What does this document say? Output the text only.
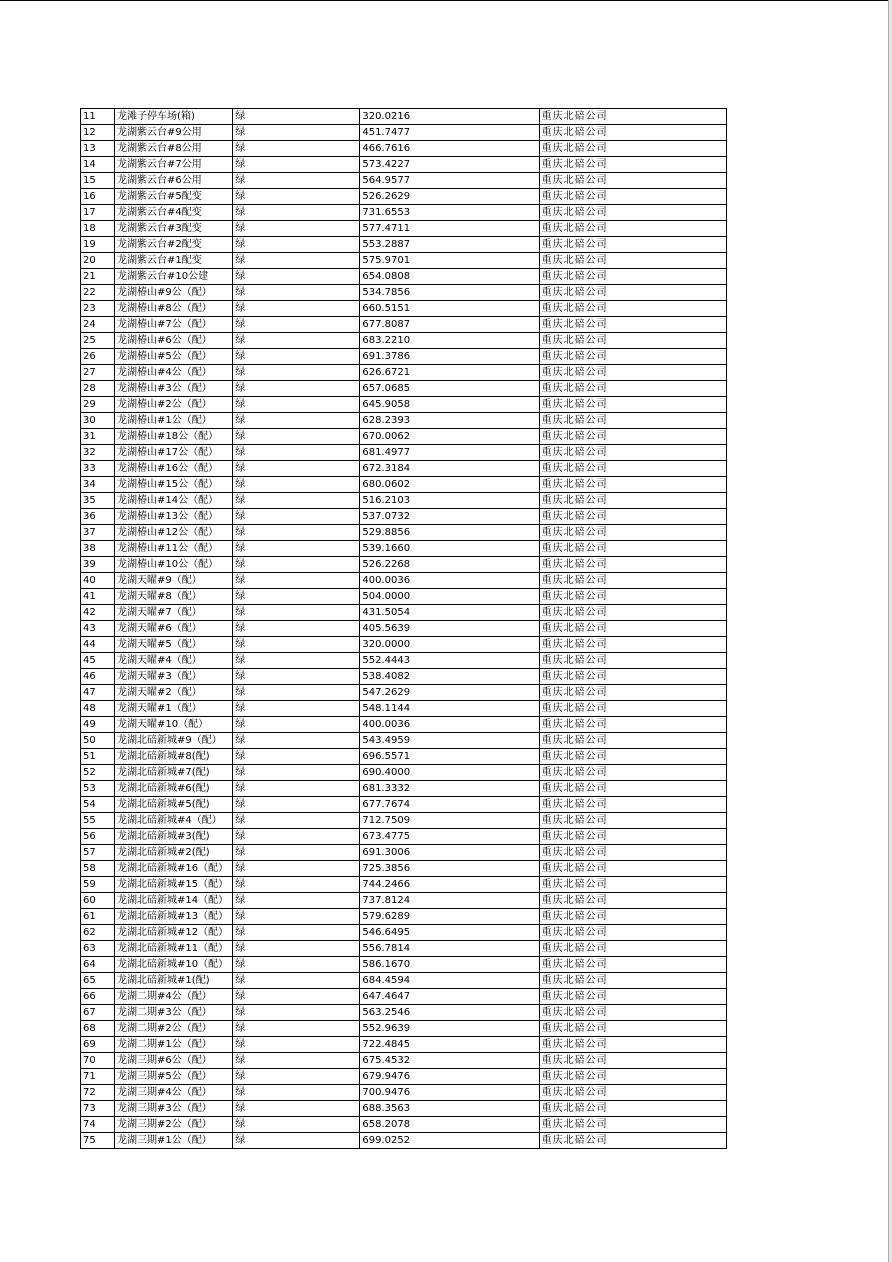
11	龙滩子停车场(箱)	绿	320.0216	重庆北碚公司
12	龙湖紫云台#9公用	绿	451.7477	重庆北碚公司
13	龙湖紫云台#8公用	绿	466.7616	重庆北碚公司
14	龙湖紫云台#7公用	绿	573.4227	重庆北碚公司
15	龙湖紫云台#6公用	绿	564.9577	重庆北碚公司
16	龙湖紫云台#5配变	绿	526.2629	重庆北碚公司
17	龙湖紫云台#4配变	绿	731.6553	重庆北碚公司
18	龙湖紫云台#3配变	绿	577.4711	重庆北碚公司
19	龙湖紫云台#2配变	绿	553.2887	重庆北碚公司
20	龙湖紫云台#1配变	绿	575.9701	重庆北碚公司
21	龙湖紫云台#10公建	绿	654.0808	重庆北碚公司
22	龙湖椿山#9公（配）	绿	534.7856	重庆北碚公司
23	龙湖椿山#8公（配）	绿	660.5151	重庆北碚公司
24	龙湖椿山#7公（配）	绿	677.8087	重庆北碚公司
25	龙湖椿山#6公（配）	绿	683.2210	重庆北碚公司
26	龙湖椿山#5公（配）	绿	691.3786	重庆北碚公司
27	龙湖椿山#4公（配）	绿	626.6721	重庆北碚公司
28	龙湖椿山#3公（配）	绿	657.0685	重庆北碚公司
29	龙湖椿山#2公（配）	绿	645.9058	重庆北碚公司
30	龙湖椿山#1公（配）	绿	628.2393	重庆北碚公司
31	龙湖椿山#18公（配）	绿	670.0062	重庆北碚公司
32	龙湖椿山#17公（配）	绿	681.4977	重庆北碚公司
33	龙湖椿山#16公（配）	绿	672.3184	重庆北碚公司
34	龙湖椿山#15公（配）	绿	680.0602	重庆北碚公司
35	龙湖椿山#14公（配）	绿	516.2103	重庆北碚公司
36	龙湖椿山#13公（配）	绿	537.0732	重庆北碚公司
37	龙湖椿山#12公（配）	绿	529.8856	重庆北碚公司
38	龙湖椿山#11公（配）	绿	539.1660	重庆北碚公司
39	龙湖椿山#10公（配）	绿	526.2268	重庆北碚公司
40	龙湖天曜#9（配）	绿	400.0036	重庆北碚公司
41	龙湖天曜#8（配）	绿	504.0000	重庆北碚公司
42	龙湖天曜#7（配）	绿	431.5054	重庆北碚公司
43	龙湖天曜#6（配）	绿	405.5639	重庆北碚公司
44	龙湖天曜#5（配）	绿	320.0000	重庆北碚公司
45	龙湖天曜#4（配）	绿	552.4443	重庆北碚公司
46	龙湖天曜#3（配）	绿	538.4082	重庆北碚公司
47	龙湖天曜#2（配）	绿	547.2629	重庆北碚公司
48	龙湖天曜#1（配）	绿	548.1144	重庆北碚公司
49	龙湖天曜#10（配）	绿	400.0036	重庆北碚公司
50	龙湖北碚新城#9（配）	绿	543.4959	重庆北碚公司
51	龙湖北碚新城#8(配)	绿	696.5571	重庆北碚公司
52	龙湖北碚新城#7(配)	绿	690.4000	重庆北碚公司
53	龙湖北碚新城#6(配)	绿	681.3332	重庆北碚公司
54	龙湖北碚新城#5(配)	绿	677.7674	重庆北碚公司
55	龙湖北碚新城#4（配）	绿	712.7509	重庆北碚公司
56	龙湖北碚新城#3(配)	绿	673.4775	重庆北碚公司
57	龙湖北碚新城#2(配)	绿	691.3006	重庆北碚公司
58	龙湖北碚新城#16（配）	绿	725.3856	重庆北碚公司
59	龙湖北碚新城#15（配）	绿	744.2466	重庆北碚公司
60	龙湖北碚新城#14（配）	绿	737.8124	重庆北碚公司
61	龙湖北碚新城#13（配）	绿	579.6289	重庆北碚公司
62	龙湖北碚新城#12（配）	绿	546.6495	重庆北碚公司
63	龙湖北碚新城#11（配）	绿	556.7814	重庆北碚公司
64	龙湖北碚新城#10（配）	绿	586.1670	重庆北碚公司
65	龙湖北碚新城#1(配)	绿	684.4594	重庆北碚公司
66	龙湖二期#4公（配）	绿	647.4647	重庆北碚公司
67	龙湖二期#3公（配）	绿	563.2546	重庆北碚公司
68	龙湖二期#2公（配）	绿	552.9639	重庆北碚公司
69	龙湖二期#1公（配）	绿	722.4845	重庆北碚公司
70	龙湖三期#6公（配）	绿	675.4532	重庆北碚公司
71	龙湖三期#5公（配）	绿	679.9476	重庆北碚公司
72	龙湖三期#4公（配）	绿	700.9476	重庆北碚公司
73	龙湖三期#3公（配）	绿	688.3563	重庆北碚公司
74	龙湖三期#2公（配）	绿	658.2078	重庆北碚公司
75	龙湖三期#1公（配）	绿	699.0252	重庆北碚公司
